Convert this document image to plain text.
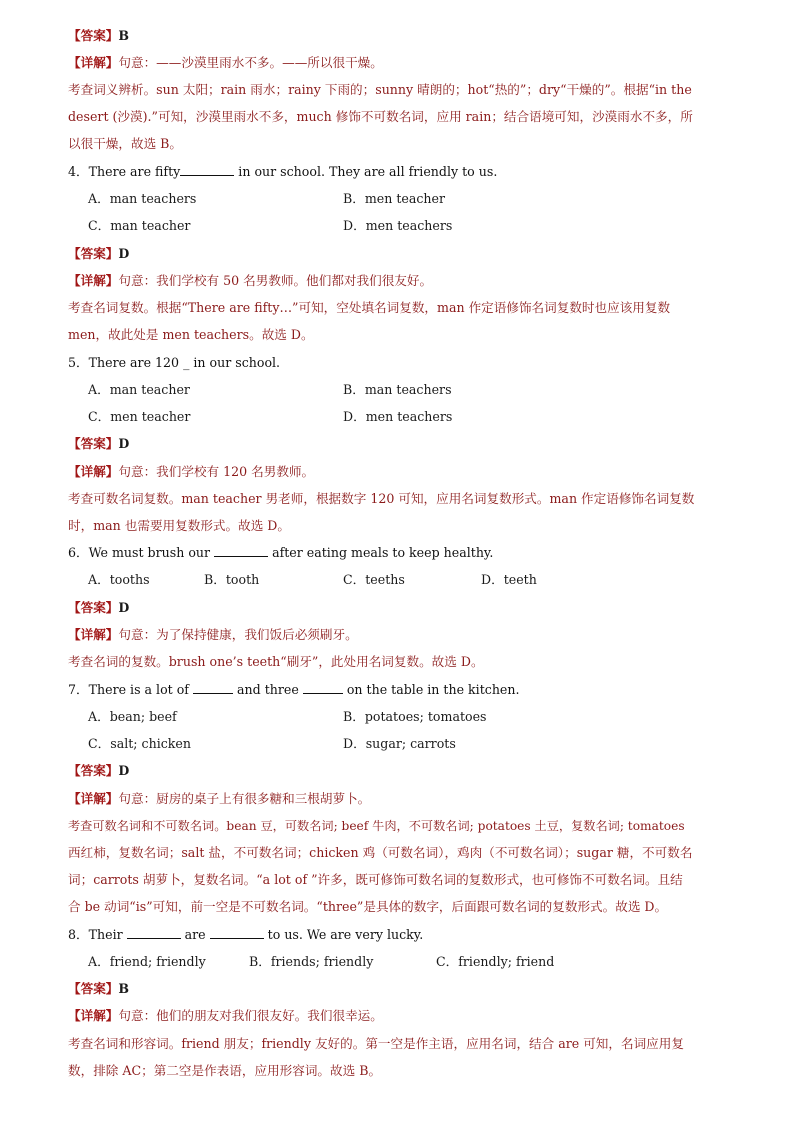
【答案】B
【详解】句意：——沙漠里雨水不多。——所以很干燥。
考查词义辨析。sun 太阳；rain 雨水；rainy 下雨的；sunny 晴朗的；hot“热的”；dry“干燥的”。根据“in the
desert (沙漠).”可知，沙漠里雨水不多，much 修饰不可数名词，应用 rain；结合语境可知，沙漠雨水不多，所
以很干燥，故选 B。
4．There are fifty	in our school. They are all friendly to us.
A．man teachers	B．men teacher
C．man teacher	D．men teachers
【答案】D
【详解】句意：我们学校有 50 名男教师。他们都对我们很友好。
考查名词复数。根据“There are fifty…”可知，空处填名词复数，man 作定语修饰名词复数时也应该用复数
men，故此处是 men teachers。故选 D。
5．There are 120 _ in our school.
A．man teacher	B．man teachers
C．men teacher	D．men teachers
【答案】D
【详解】句意：我们学校有 120 名男教师。
考查可数名词复数。man teacher 男老师，根据数字 120 可知，应用名词复数形式。man 作定语修饰名词复数
时，man 也需要用复数形式。故选 D。
6．We must brush our	after eating meals to keep healthy.
A．tooths	B．tooth	C．teeths	D．teeth
【答案】D
【详解】句意：为了保持健康，我们饭后必须刷牙。
考查名词的复数。brush one’s teeth“刷牙”，此处用名词复数。故选 D。
7．There is a lot of	and three	on the table in the kitchen.
A．bean; beef	B．potatoes; tomatoes
C．salt; chicken	D．sugar; carrots
【答案】D
【详解】句意：厨房的桌子上有很多糖和三根胡萝卜。
考查可数名词和不可数名词。bean 豆，可数名词; beef 牛肉，不可数名词; potatoes 土豆，复数名词; tomatoes
西红柿，复数名词；salt 盐，不可数名词；chicken 鸡（可数名词），鸡肉（不可数名词）；sugar 糖，不可数名
词；carrots 胡萝卜，复数名词。“a lot of ”许多，既可修饰可数名词的复数形式，也可修饰不可数名词。且结
合 be 动词“is”可知，前一空是不可数名词。“three”是具体的数字，后面跟可数名词的复数形式。故选 D。
8．Their	are	to us. We are very lucky.
A．friend; friendly	B．friends; friendly	C．friendly; friend
【答案】B
【详解】句意：他们的朋友对我们很友好。我们很幸运。
考查名词和形容词。friend 朋友；friendly 友好的。第一空是作主语，应用名词，结合 are 可知，名词应用复
数，排除 AC；第二空是作表语，应用形容词。故选 B。
